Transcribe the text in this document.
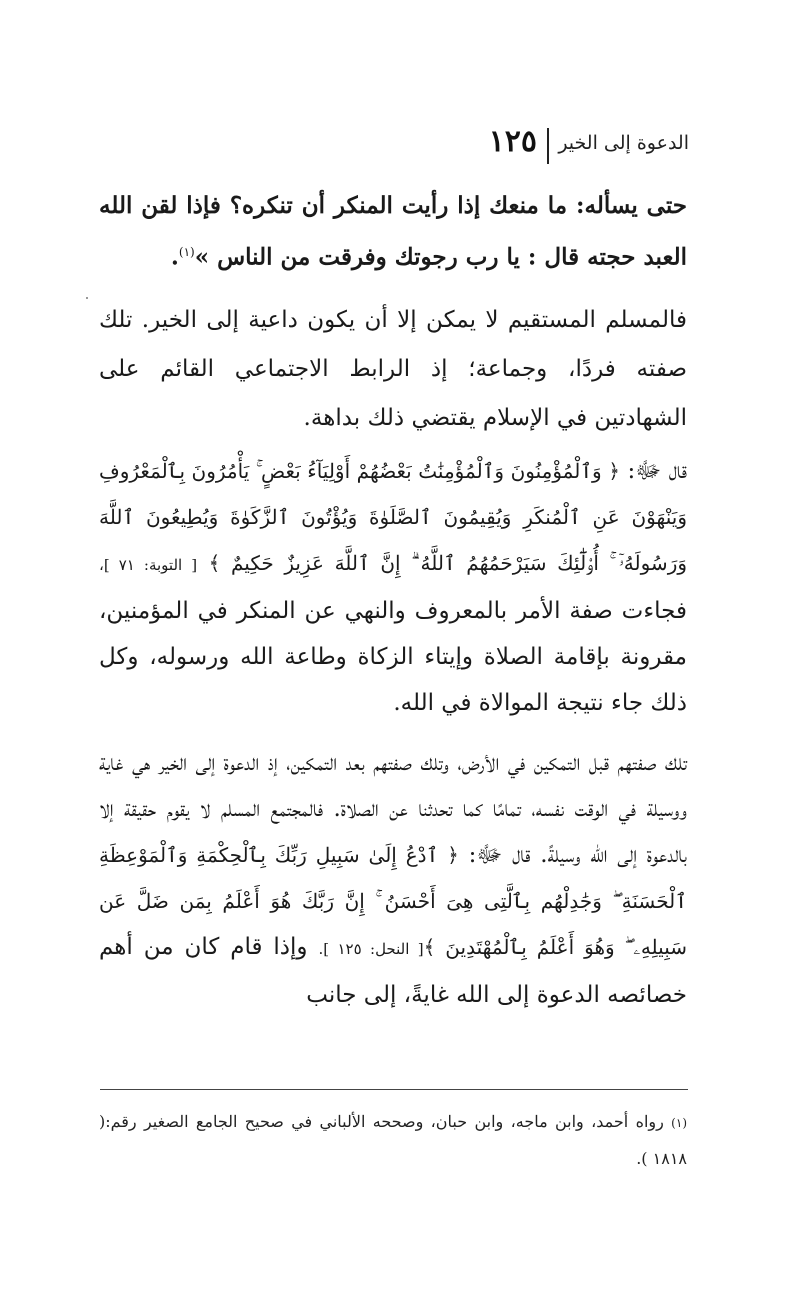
الدعوة إلى الخير
١٢٥
حتى يسأله: ما منعك إذا رأيت المنكر أن تنكره؟ فإذا لقن الله العبد حجته قال : يا رب رجوتك وفرقت من الناس »$^{(١)}$.
فالمسلم المستقيم لا يمكن إلا أن يكون داعية إلى الخير. تلك صفته فردًا، وجماعة؛ إذ الرابط الاجتماعي القائم على الشهادتين في الإسلام يقتضي ذلك بداهة.
قال ﷻ: ﴿ وَٱلْمُؤْمِنُونَ وَٱلْمُؤْمِنَٰتُ بَعْضُهُمْ أَوْلِيَآءُ بَعْضٍ ۚ يَأْمُرُونَ بِٱلْمَعْرُوفِ وَيَنْهَوْنَ عَنِ ٱلْمُنكَرِ وَيُقِيمُونَ ٱلصَّلَوٰةَ وَيُؤْتُونَ ٱلزَّكَوٰةَ وَيُطِيعُونَ ٱللَّهَ وَرَسُولَهُۥٓ ۚ أُو۟لَٰٓئِكَ سَيَرْحَمُهُمُ ٱللَّهُ ۗ إِنَّ ٱللَّهَ عَزِيزٌ حَكِيمٌ ﴾ [ التوبة: ٧١ ]، فجاءت صفة الأمر بالمعروف والنهي عن المنكر في المؤمنين، مقرونة بإقامة الصلاة وإيتاء الزكاة وطاعة الله ورسوله، وكل ذلك جاء نتيجة الموالاة في الله.
تلك صفتهم قبل التمكين في الأرض، وتلك صفتهم بعد التمكين، إذ الدعوة إلى الخير هي غاية ووسيلة في الوقت نفسه، تمامًا كما تحدثنا عن الصلاة. فالمجتمع المسلم لا يقوم حقيقة إلا بالدعوة إلى الله وسيلةً. قال ﷻ: ﴿ ٱدْعُ إِلَىٰ سَبِيلِ رَبِّكَ بِٱلْحِكْمَةِ وَٱلْمَوْعِظَةِ ٱلْحَسَنَةِ ۖ وَجَٰدِلْهُم بِٱلَّتِى هِىَ أَحْسَنُ ۚ إِنَّ رَبَّكَ هُوَ أَعْلَمُ بِمَن ضَلَّ عَن سَبِيلِهِۦ ۖ وَهُوَ أَعْلَمُ بِٱلْمُهْتَدِينَ ﴾[ النحل: ١٢٥ ]. وإذا قام كان من أهم خصائصه الدعوة إلى الله غايةً، إلى جانب
(١) رواه أحمد، وابن ماجه، وابن حبان، وصححه الألباني في صحيح الجامع الصغير رقم:( ١٨١٨ ).
